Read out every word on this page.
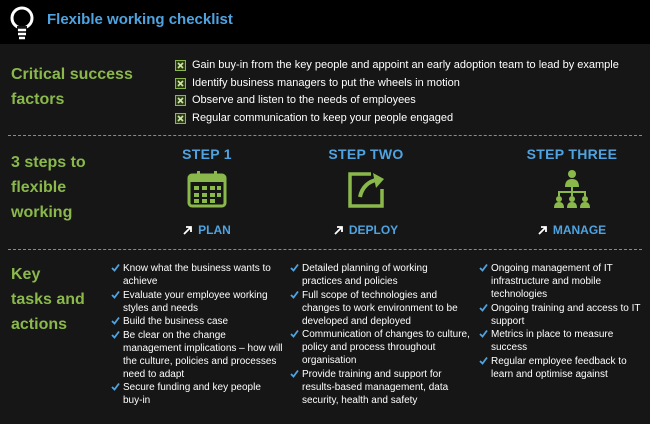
Flexible working checklist
Critical success
factors
Gain buy-in from the key people and appoint an early adoption team to lead by example
Identify business managers to put the wheels in motion
Observe and listen to the needs of employees
Regular communication to keep your people engaged
3 steps to
flexible
working
STEP 1
PLAN
STEP TWO
DEPLOY
STEP THREE
MANAGE
Key
tasks and
actions
Know what the business wants to achieve
Evaluate your employee working styles and needs
Build the business case
Be clear on the change management implications – how will the culture, policies and processes need to adapt
Secure funding and key people buy-in
Detailed planning of working practices and policies
Full scope of technologies and changes to work environment to be developed and deployed
Communication of changes to culture, policy and process throughout organisation
Provide training and support for results-based management, data security, health and safety
Ongoing management of IT infrastructure and mobile technologies
Ongoing training and access to IT support
Metrics in place to measure success
Regular employee feedback to learn and optimise against
